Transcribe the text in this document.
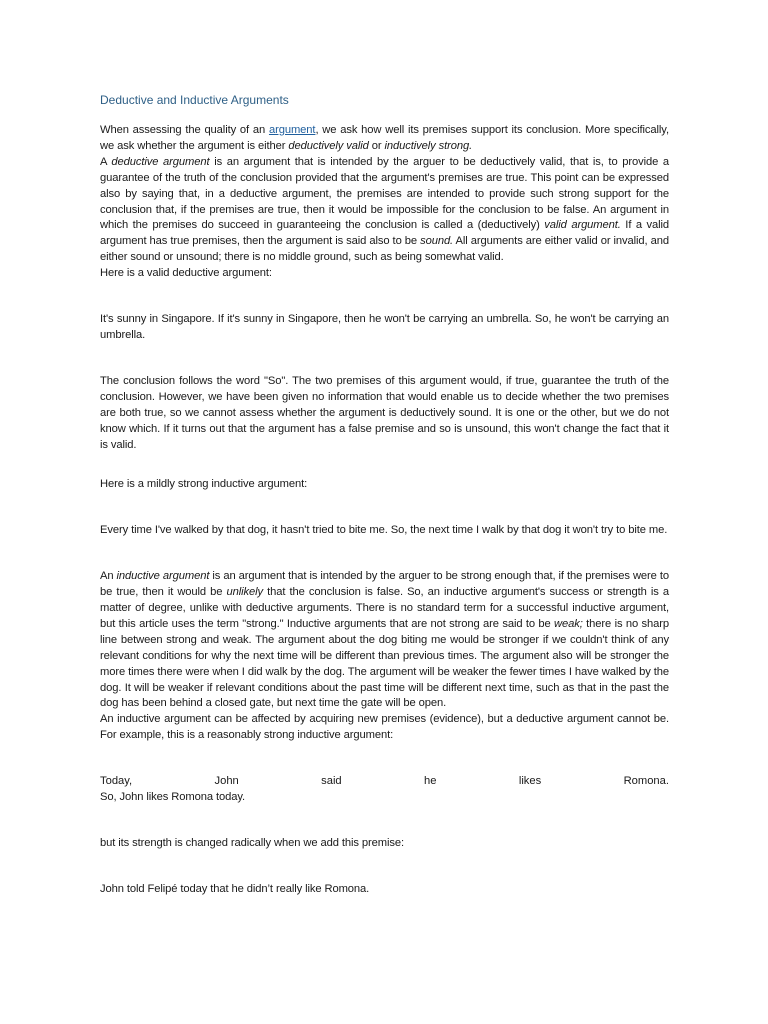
Deductive and Inductive Arguments

When assessing the quality of an argument, we ask how well its premises support its conclusion. More specifically, we ask whether the argument is either deductively valid or inductively strong.

A deductive argument is an argument that is intended by the arguer to be deductively valid, that is, to provide a guarantee of the truth of the conclusion provided that the argument's premises are true. This point can be expressed also by saying that, in a deductive argument, the premises are intended to provide such strong support for the conclusion that, if the premises are true, then it would be impossible for the conclusion to be false. An argument in which the premises do succeed in guaranteeing the conclusion is called a (deductively) valid argument. If a valid argument has true premises, then the argument is said also to be sound. All arguments are either valid or invalid, and either sound or unsound; there is no middle ground, such as being somewhat valid.

Here is a valid deductive argument:

It's sunny in Singapore. If it's sunny in Singapore, then he won't be carrying an umbrella. So, he won't be carrying an umbrella.

The conclusion follows the word "So". The two premises of this argument would, if true, guarantee the truth of the conclusion. However, we have been given no information that would enable us to decide whether the two premises are both true, so we cannot assess whether the argument is deductively sound. It is one or the other, but we do not know which. If it turns out that the argument has a false premise and so is unsound, this won't change the fact that it is valid.

Here is a mildly strong inductive argument:

Every time I've walked by that dog, it hasn't tried to bite me. So, the next time I walk by that dog it won't try to bite me.

An inductive argument is an argument that is intended by the arguer to be strong enough that, if the premises were to be true, then it would be unlikely that the conclusion is false. So, an inductive argument's success or strength is a matter of degree, unlike with deductive arguments. There is no standard term for a successful inductive argument, but this article uses the term "strong." Inductive arguments that are not strong are said to be weak; there is no sharp line between strong and weak. The argument about the dog biting me would be stronger if we couldn't think of any relevant conditions for why the next time will be different than previous times. The argument also will be stronger the more times there were when I did walk by the dog. The argument will be weaker the fewer times I have walked by the dog. It will be weaker if relevant conditions about the past time will be different next time, such as that in the past the dog has been behind a closed gate, but next time the gate will be open.

An inductive argument can be affected by acquiring new premises (evidence), but a deductive argument cannot be. For example, this is a reasonably strong inductive argument:

Today,	John	said	he	likes	Romona.

So, John likes Romona today.

but its strength is changed radically when we add this premise:

John told Felipé today that he didn’t really like Romona.
